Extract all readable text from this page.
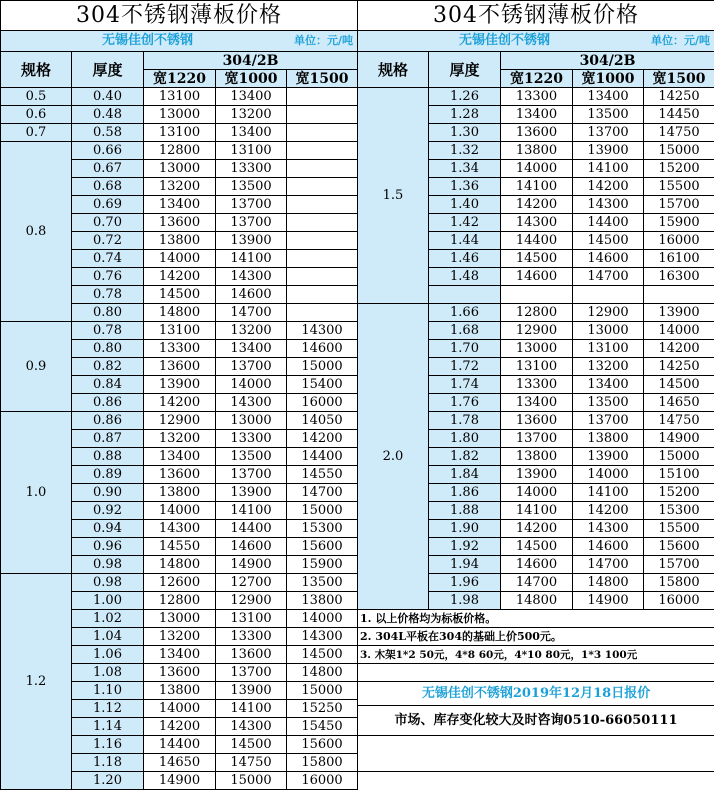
304不锈钢薄板价格				

单位：元/吨
无锡佳创不锈钢				
规格	厚度	304/2B		
		宽1220	宽1000	宽1500
0.5	0.40	13100	13400	
0.6	0.48	13000	13200	
0.7	0.58	13100	13400	
0.8	0.66	12800	13100	
	0.67	13000	13300	
	0.68	13200	13500	
	0.69	13400	13700	
	0.70	13600	13700	
	0.72	13800	13900	
	0.74	14000	14100	
	0.76	14200	14300	
	0.78	14500	14600	
	0.80	14800	14700	
0.9	0.78	13100	13200	14300
	0.80	13300	13400	14600
	0.82	13600	13700	15000
	0.84	13900	14000	15400
	0.86	14200	14300	16000
1.0	0.86	12900	13000	14050
	0.87	13200	13300	14200
	0.88	13400	13500	14400
	0.89	13600	13700	14550
	0.90	13800	13900	14700
	0.92	14000	14100	15000
	0.94	14300	14400	15300
	0.96	14550	14600	15600
	0.98	14800	14900	15900
1.2	0.98	12600	12700	13500
	1.00	12800	12900	13800
	1.02	13000	13100	14000
	1.04	13200	13300	14300
	1.06	13400	13600	14500
	1.08	13600	13700	14800
	1.10	13800	13900	15000
	1.12	14000	14100	15250
	1.14	14200	14300	15450
	1.16	14400	14500	15600
	1.18	14650	14750	15800
	1.20	14900	15000	16000
304不锈钢薄板价格				

单位：元/吨
无锡佳创不锈钢				
规格	厚度	304/2B		
		宽1220	宽1000	宽1500
1.5	1.26	13300	13400	14250
	1.28	13400	13500	14450
	1.30	13600	13700	14750
	1.32	13800	13900	15000
	1.34	14000	14100	15200
	1.36	14100	14200	15500
	1.40	14200	14300	15700
	1.42	14300	14400	15900
	1.44	14400	14500	16000
	1.46	14500	14600	16100
	1.48	14600	14700	16300

2.0	1.66	12800	12900	13900
	1.68	12900	13000	14000
	1.70	13000	13100	14200
	1.72	13100	13200	14250
	1.74	13300	13400	14500
	1.76	13400	13500	14650
	1.78	13600	13700	14750
	1.80	13700	13800	14900
	1.82	13800	13900	15000
	1.84	13900	14000	15100
	1.86	14000	14100	15200
	1.88	14100	14200	15300
	1.90	14200	14300	15500
	1.92	14500	14600	15600
	1.94	14600	14700	15700
	1.96	14700	14800	15800
	1.98	14800	14900	16000
1. 以上价格均为标板价格。				
2. 304L平板在304的基础上价500元。				
3. 木架1*2 50元，4*8 60元，4*10 80元，1*3 100元				

无锡佳创不锈钢2019年12月18日报价				
市场、库存变化较大及时咨询0510-66050111				
